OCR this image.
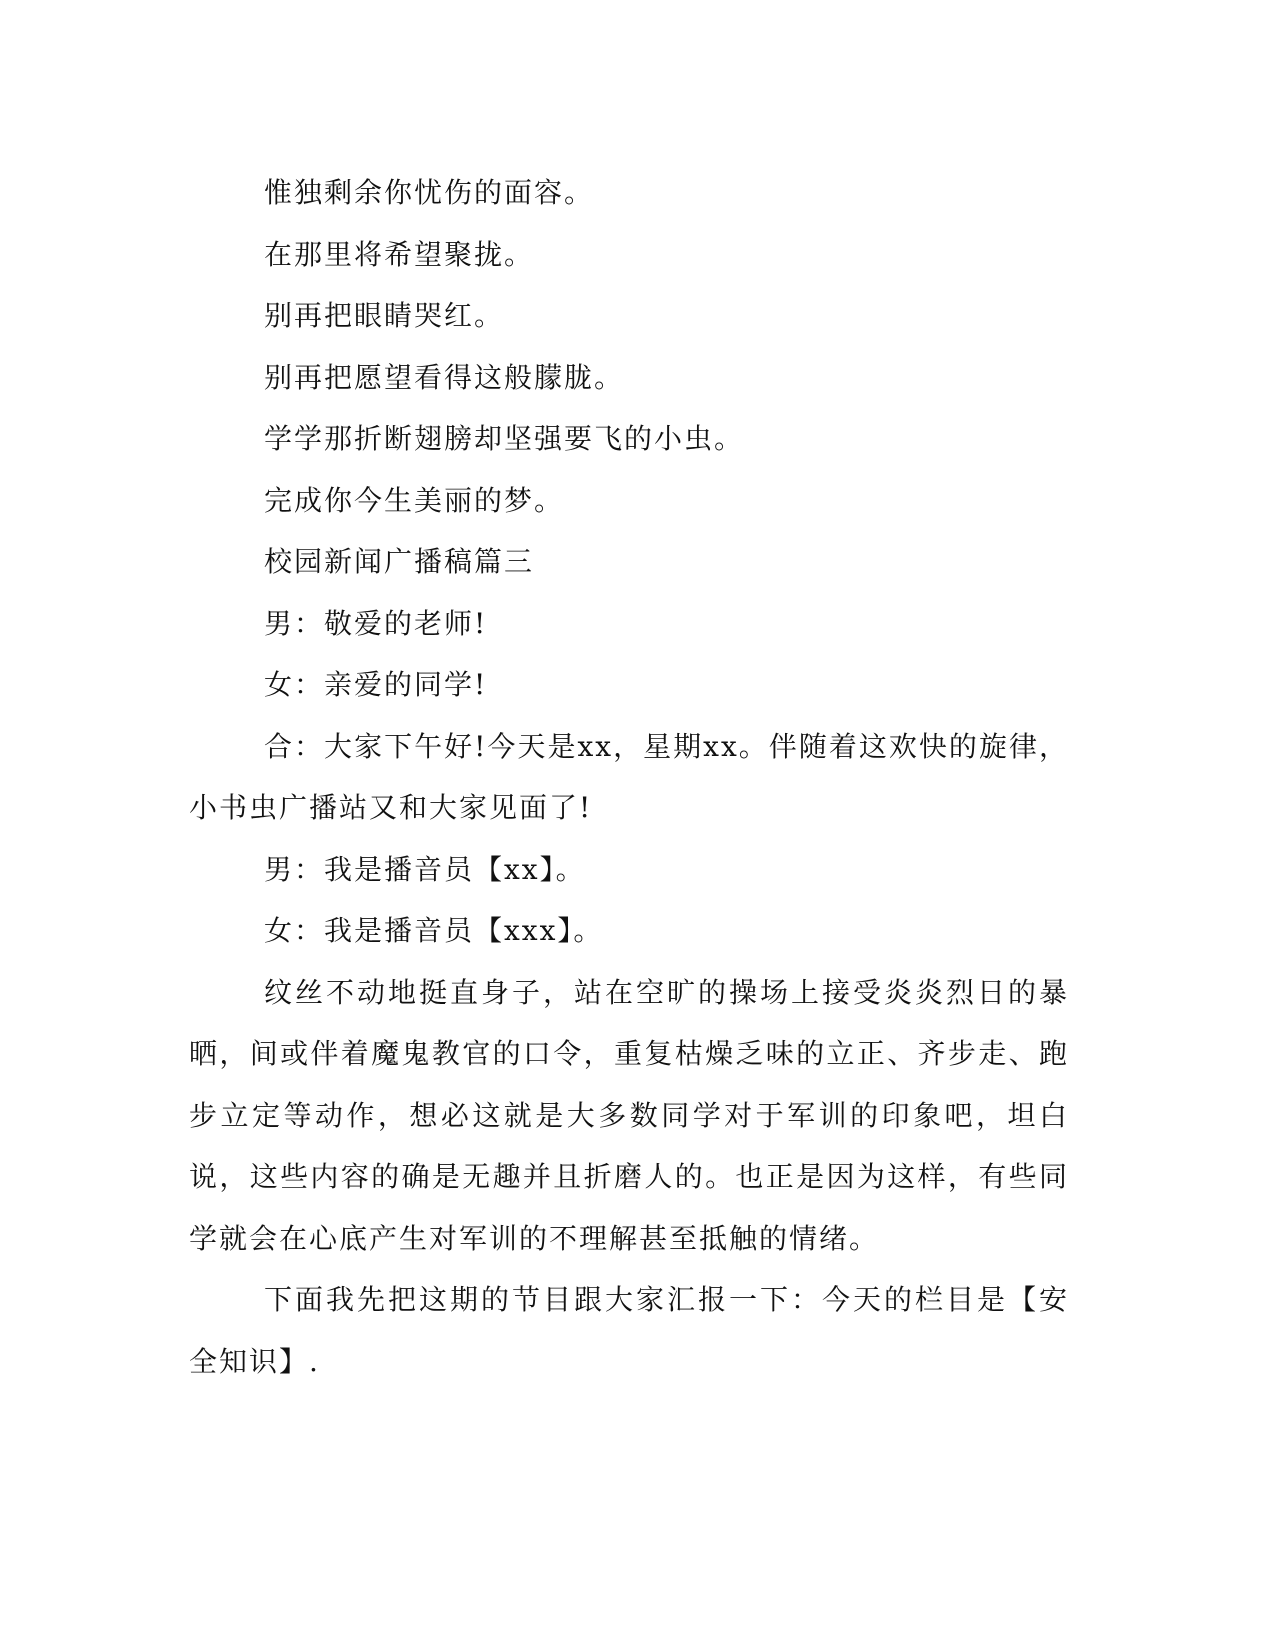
惟独剩余你忧伤的面容。

在那里将希望聚拢。

别再把眼睛哭红。

别再把愿望看得这般朦胧。

学学那折断翅膀却坚强要飞的小虫。

完成你今生美丽的梦。

校园新闻广播稿篇三

男：敬爱的老师!

女：亲爱的同学!

合：大家下午好!今天是xx，星期xx。伴随着这欢快的旋律，小书虫广播站又和大家见面了!

男：我是播音员【xx】。

女：我是播音员【xxx】。

纹丝不动地挺直身子，站在空旷的操场上接受炎炎烈日的暴晒，间或伴着魔鬼教官的口令，重复枯燥乏味的立正、齐步走、跑步立定等动作，想必这就是大多数同学对于军训的印象吧，坦白说，这些内容的确是无趣并且折磨人的。也正是因为这样，有些同学就会在心底产生对军训的不理解甚至抵触的情绪。

下面我先把这期的节目跟大家汇报一下：今天的栏目是【安全知识】.
